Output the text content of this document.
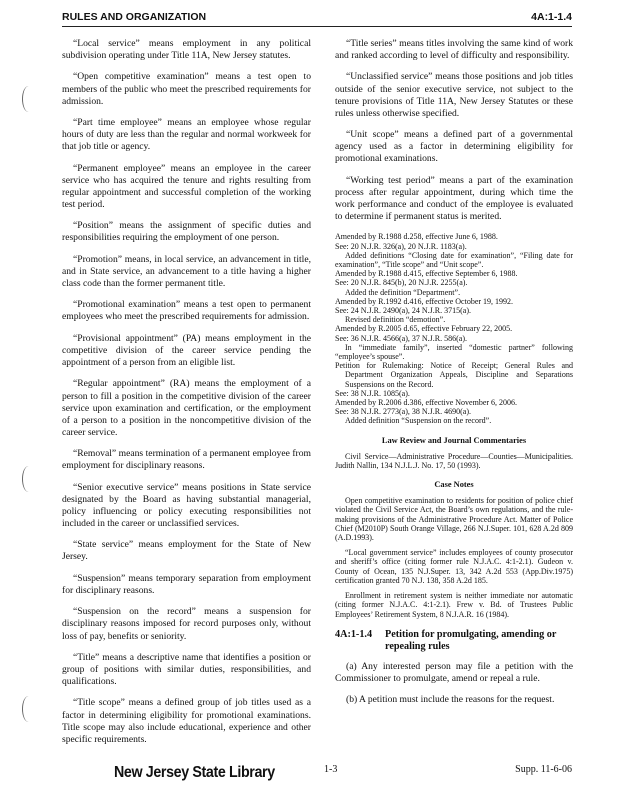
RULES AND ORGANIZATION	4A:1-1.4

“Local service” means employment in any political subdivision operating under Title 11A, New Jersey statutes.

“Open competitive examination” means a test open to members of the public who meet the prescribed requirements for admission.

“Part time employee” means an employee whose regular hours of duty are less than the regular and normal workweek for that job title or agency.

“Permanent employee” means an employee in the career service who has acquired the tenure and rights resulting from regular appointment and successful completion of the working test period.

“Position” means the assignment of specific duties and responsibilities requiring the employment of one person.

“Promotion” means, in local service, an advancement in title, and in State service, an advancement to a title having a higher class code than the former permanent title.

“Promotional examination” means a test open to permanent employees who meet the prescribed requirements for admission.

“Provisional appointment” (PA) means employment in the competitive division of the career service pending the appointment of a person from an eligible list.

“Regular appointment” (RA) means the employment of a person to fill a position in the competitive division of the career service upon examination and certification, or the employment of a person to a position in the noncompetitive division of the career service.

“Removal” means termination of a permanent employee from employment for disciplinary reasons.

“Senior executive service” means positions in State service designated by the Board as having substantial managerial, policy influencing or policy executing responsibilities not included in the career or unclassified services.

“State service” means employment for the State of New Jersey.

“Suspension” means temporary separation from employment for disciplinary reasons.

“Suspension on the record” means a suspension for disciplinary reasons imposed for record purposes only, without loss of pay, benefits or seniority.

“Title” means a descriptive name that identifies a position or group of positions with similar duties, responsibilities, and qualifications.

“Title scope” means a defined group of job titles used as a factor in determining eligibility for promotional examinations. Title scope may also include educational, experience and other specific requirements.

“Title series” means titles involving the same kind of work and ranked according to level of difficulty and responsibility.

“Unclassified service” means those positions and job titles outside of the senior executive service, not subject to the tenure provisions of Title 11A, New Jersey Statutes or these rules unless otherwise specified.

“Unit scope” means a defined part of a governmental agency used as a factor in determining eligibility for promotional examinations.

“Working test period” means a part of the examination process after regular appointment, during which time the work performance and conduct of the employee is evaluated to determine if permanent status is merited.

Amended by R.1988 d.258, effective June 6, 1988.

See: 20 N.J.R. 326(a), 20 N.J.R. 1183(a).

Added definitions “Closing date for examination”, “Filing date for examination”, “Title scope” and “Unit scope”.

Amended by R.1988 d.415, effective September 6, 1988.

See: 20 N.J.R. 845(b), 20 N.J.R. 2255(a).

Added the definition “Department”.

Amended by R.1992 d.416, effective October 19, 1992.

See: 24 N.J.R. 2490(a), 24 N.J.R. 3715(a).

Revised definition “demotion”.

Amended by R.2005 d.65, effective February 22, 2005.

See: 36 N.J.R. 4566(a), 37 N.J.R. 586(a).

In “immediate family”, inserted “domestic partner” following “employee’s spouse”.

Petition for Rulemaking: Notice of Receipt; General Rules and Department Organization Appeals, Discipline and Separations Suspensions on the Record.

See: 38 N.J.R. 1085(a).

Amended by R.2006 d.386, effective November 6, 2006.

See: 38 N.J.R. 2773(a), 38 N.J.R. 4690(a).

Added definition “Suspension on the record”.

Law Review and Journal Commentaries

Civil Service—Administrative Procedure—Counties—Municipalities. Judith Nallin, 134 N.J.L.J. No. 17, 50 (1993).

Case Notes

Open competitive examination to residents for position of police chief violated the Civil Service Act, the Board’s own regulations, and the rule-making provisions of the Administrative Procedure Act. Matter of Police Chief (M2010P) South Orange Village, 266 N.J.Super. 101, 628 A.2d 809 (A.D.1993).

“Local government service” includes employees of county prosecutor and sheriff’s office (citing former rule N.J.A.C. 4:1-2.1). Gudeon v. County of Ocean, 135 N.J.Super. 13, 342 A.2d 553 (App.Div.1975) certification granted 70 N.J. 138, 358 A.2d 185.

Enrollment in retirement system is neither immediate nor automatic (citing former N.J.A.C. 4:1-2.1). Frew v. Bd. of Trustees Public Employees’ Retirement System, 8 N.J.A.R. 16 (1984).

4A:1-1.4	Petition for promulgating, amending or repealing rules

(a) Any interested person may file a petition with the Commissioner to promulgate, amend or repeal a rule.

(b) A petition must include the reasons for the request.

New Jersey State Library	1-3	Supp. 11-6-06
